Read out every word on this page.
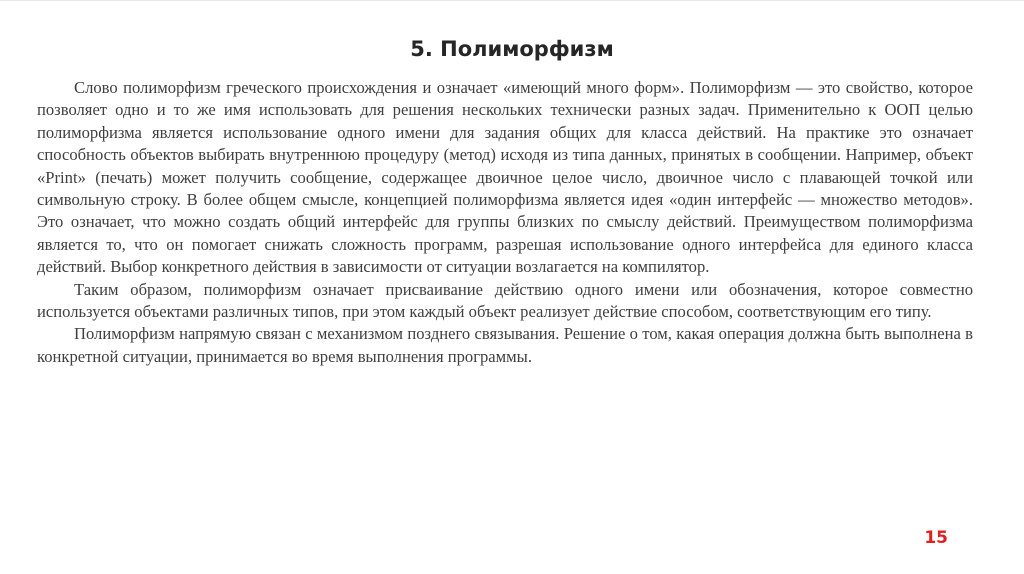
5. Полиморфизм

Слово полиморфизм греческого происхождения и означает «имеющий много форм». Полиморфизм — это свойство, которое позволяет одно и то же имя использовать для решения нескольких технически разных задач. Применительно к ООП целью полиморфизма является использование одного имени для задания общих для класса действий. На практике это означает способность объектов выбирать внутреннюю процедуру (метод) исходя из типа данных, принятых в сообщении. Например, объект «Print» (печать) может получить сообщение, содержащее двоичное целое число, двоичное число с плавающей точкой или символьную строку. В более общем смысле, концепцией полиморфизма является идея «один интерфейс — множество методов». Это означает, что можно создать общий интерфейс для группы близких по смыслу действий. Преимуществом полиморфизма является то, что он помогает снижать сложность программ, разрешая использование одного интерфейса для единого класса действий. Выбор конкретного действия в зависимости от ситуации возлагается на компилятор.

Таким образом, полиморфизм означает присваивание действию одного имени или обозначения, которое совместно используется объектами различных типов, при этом каждый объект реализует действие способом, соответствующим его типу.

Полиморфизм напрямую связан с механизмом позднего связывания. Решение о том, какая операция должна быть выполнена в конкретной ситуации, принимается во время выполнения программы.

15
